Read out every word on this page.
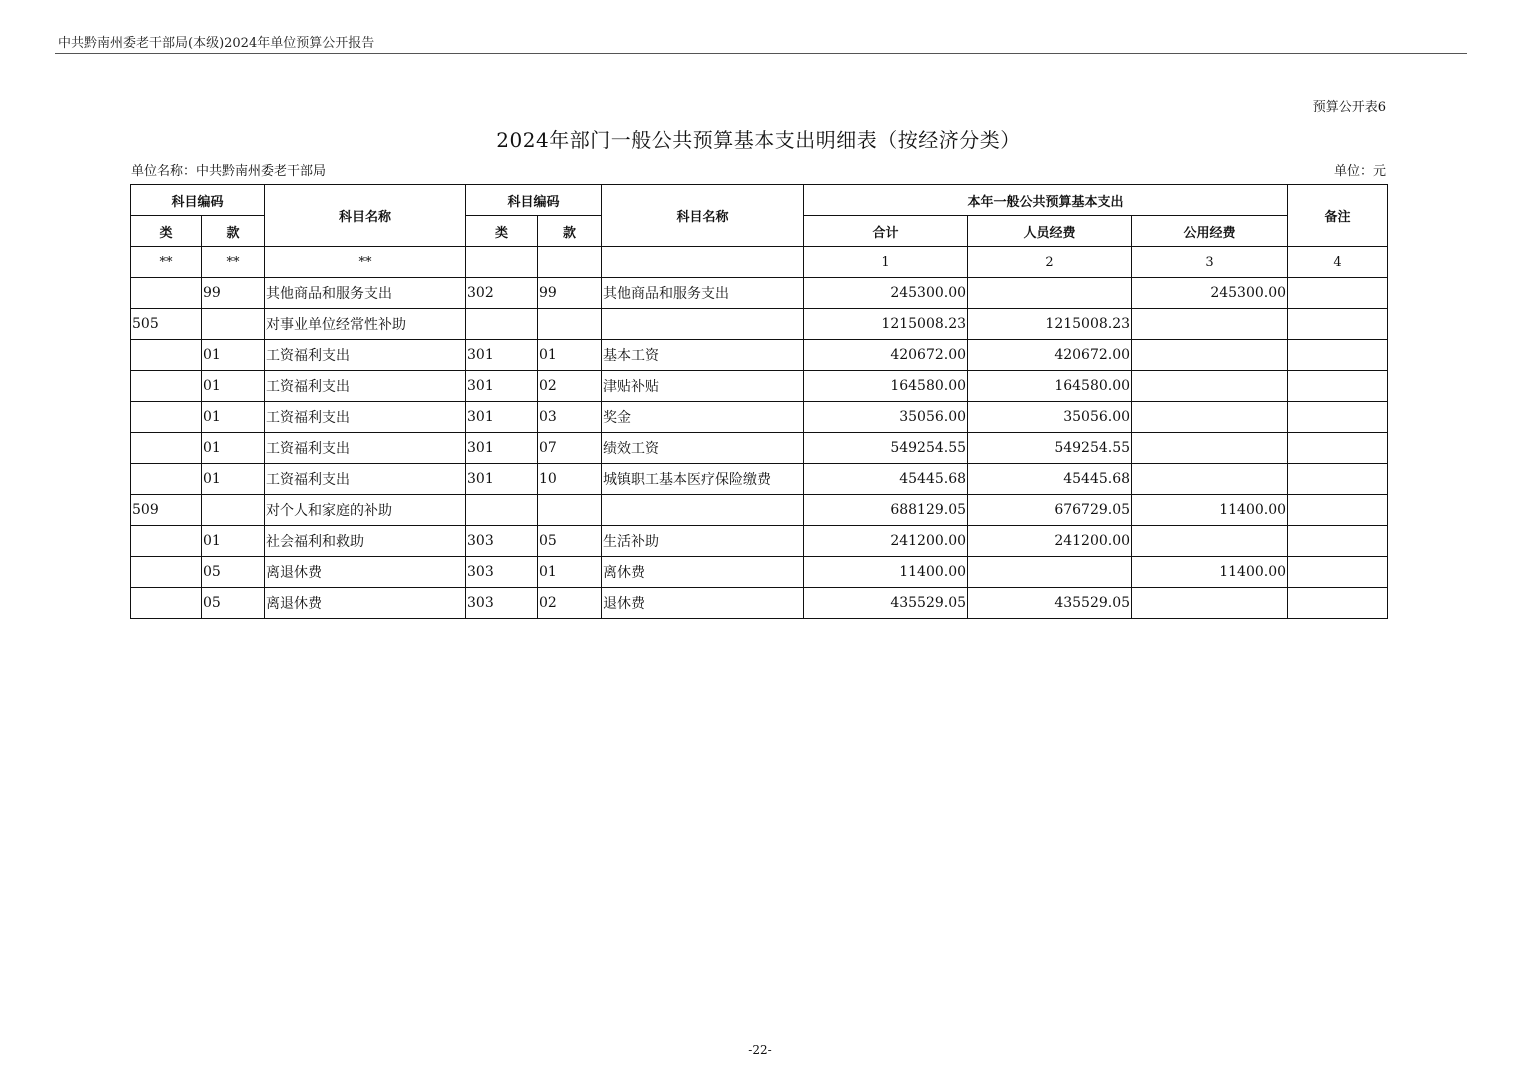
中共黔南州委老干部局(本级)2024年单位预算公开报告
预算公开表6
2024年部门一般公共预算基本支出明细表（按经济分类）
单位名称：中共黔南州委老干部局	单位：元
科目编码		科目名称	科目编码		科目名称	本年一般公共预算基本支出			备注
类	款		类	款		合计	人员经费	公用经费	
**	**	**				1	2	3	4
	99	其他商品和服务支出	302	99	其他商品和服务支出	245300.00		245300.00	
505		对事业单位经常性补助				1215008.23	1215008.23		
	01	工资福利支出	301	01	基本工资	420672.00	420672.00		
	01	工资福利支出	301	02	津贴补贴	164580.00	164580.00		
	01	工资福利支出	301	03	奖金	35056.00	35056.00		
	01	工资福利支出	301	07	绩效工资	549254.55	549254.55		
	01	工资福利支出	301	10	城镇职工基本医疗保险缴费	45445.68	45445.68		
509		对个人和家庭的补助				688129.05	676729.05	11400.00	
	01	社会福利和救助	303	05	生活补助	241200.00	241200.00		
	05	离退休费	303	01	离休费	11400.00		11400.00	
	05	离退休费	303	02	退休费	435529.05	435529.05		
-22-
